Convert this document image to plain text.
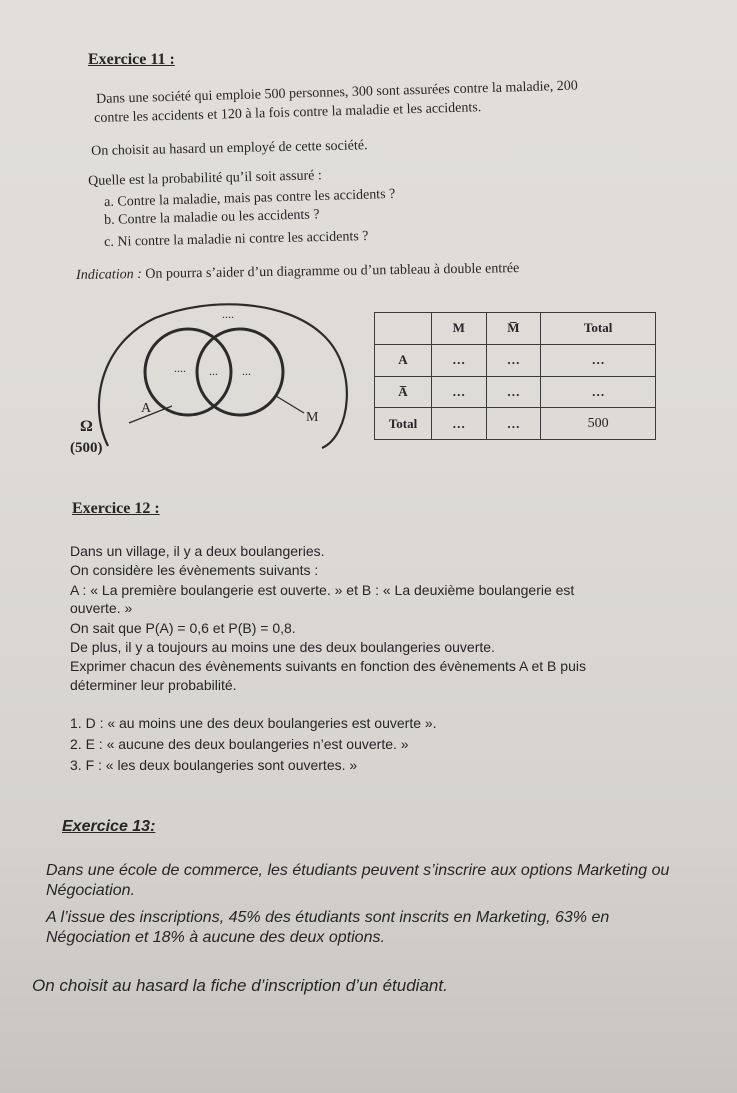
Exercice 11 :
Dans une société qui emploie 500 personnes, 300 sont assurées contre la maladie, 200
contre les accidents et 120 à la fois contre la maladie et les accidents.
On choisit au hasard un employé de cette société.
Quelle est la probabilité qu’il soit assuré :
a. Contre la maladie, mais pas contre les accidents ?
b. Contre la maladie ou les accidents ?
c. Ni contre la maladie ni contre les accidents ?
Indication : On pourra s’aider d’un diagramme ou d’un tableau à double entrée
....
.... ... ...
A
M
Ω
(500)
	M	M̅	Total
A	…	…	…
A̅	…	…	…
Total	…	…	500
Exercice 12 :
Dans un village, il y a deux boulangeries.
On considère les évènements suivants :
A : « La première boulangerie est ouverte. » et B : « La deuxième boulangerie est
ouverte. »
On sait que P(A) = 0,6 et P(B) = 0,8.
De plus, il y a toujours au moins une des deux boulangeries ouverte.
Exprimer chacun des évènements suivants en fonction des évènements A et B puis
déterminer leur probabilité.
1. D : « au moins une des deux boulangeries est ouverte ».
2. E : « aucune des deux boulangeries n’est ouverte. »
3. F : « les deux boulangeries sont ouvertes. »
Exercice 13:
Dans une école de commerce, les étudiants peuvent s’inscrire aux options Marketing ou
Négociation.
A l’issue des inscriptions, 45% des étudiants sont inscrits en Marketing, 63% en
Négociation et 18% à aucune des deux options.
On choisit au hasard la fiche d’inscription d’un étudiant.
